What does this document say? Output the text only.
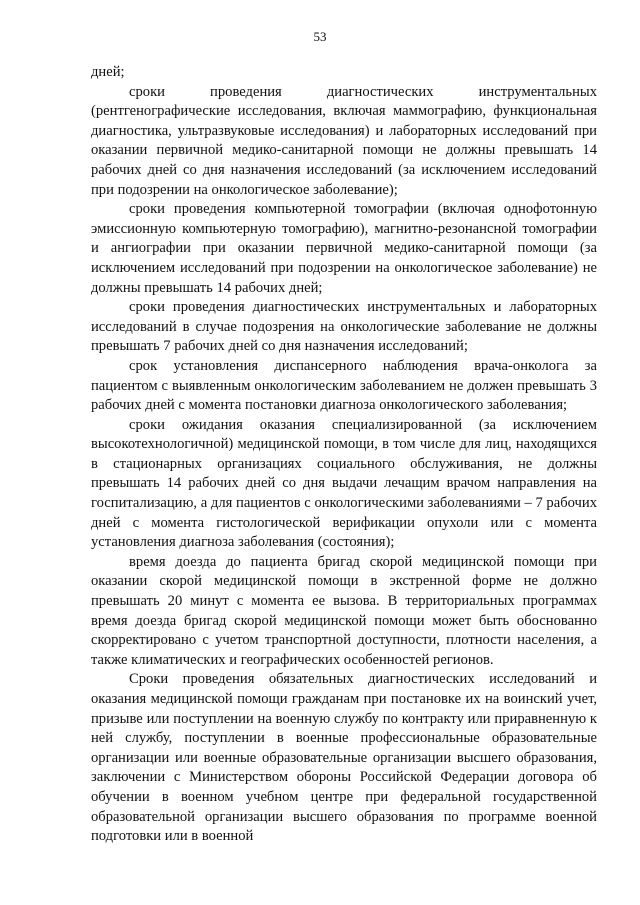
53

дней;

сроки проведения диагностических инструментальных (рентгенографические исследования, включая маммографию, функциональная диагностика, ультразвуковые исследования) и лабораторных исследований при оказании первичной медико-санитарной помощи не должны превышать 14 рабочих дней со дня назначения исследований (за исключением исследований при подозрении на онкологическое заболевание);

сроки проведения компьютерной томографии (включая однофотонную эмиссионную компьютерную томографию), магнитно-резонансной томографии и ангиографии при оказании первичной медико-санитарной помощи (за исключением исследований при подозрении на онкологическое заболевание) не должны превышать 14 рабочих дней;

сроки проведения диагностических инструментальных и лабораторных исследований в случае подозрения на онкологические заболевание не должны превышать 7 рабочих дней со дня назначения исследований;

срок установления диспансерного наблюдения врача-онколога за пациентом с выявленным онкологическим заболеванием не должен превышать 3 рабочих дней с момента постановки диагноза онкологического заболевания;

сроки ожидания оказания специализированной (за исключением высокотехнологичной) медицинской помощи, в том числе для лиц, находящихся в стационарных организациях социального обслуживания, не должны превышать 14 рабочих дней со дня выдачи лечащим врачом направления на госпитализацию, а для пациентов с онкологическими заболеваниями – 7 рабочих дней с момента гистологической верификации опухоли или с момента установления диагноза заболевания (состояния);

время доезда до пациента бригад скорой медицинской помощи при оказании скорой медицинской помощи в экстренной форме не должно превышать 20 минут с момента ее вызова. В территориальных программах время доезда бригад скорой медицинской помощи может быть обоснованно скорректировано с учетом транспортной доступности, плотности населения, а также климатических и географических особенностей регионов.

Сроки проведения обязательных диагностических исследований и оказания медицинской помощи гражданам при постановке их на воинский учет, призыве или поступлении на военную службу по контракту или приравненную к ней службу, поступлении в военные профессиональные образовательные организации или военные образовательные организации высшего образования, заключении с Министерством обороны Российской Федерации договора об обучении в военном учебном центре при федеральной государственной образовательной организации высшего образования по программе военной подготовки или в военной
